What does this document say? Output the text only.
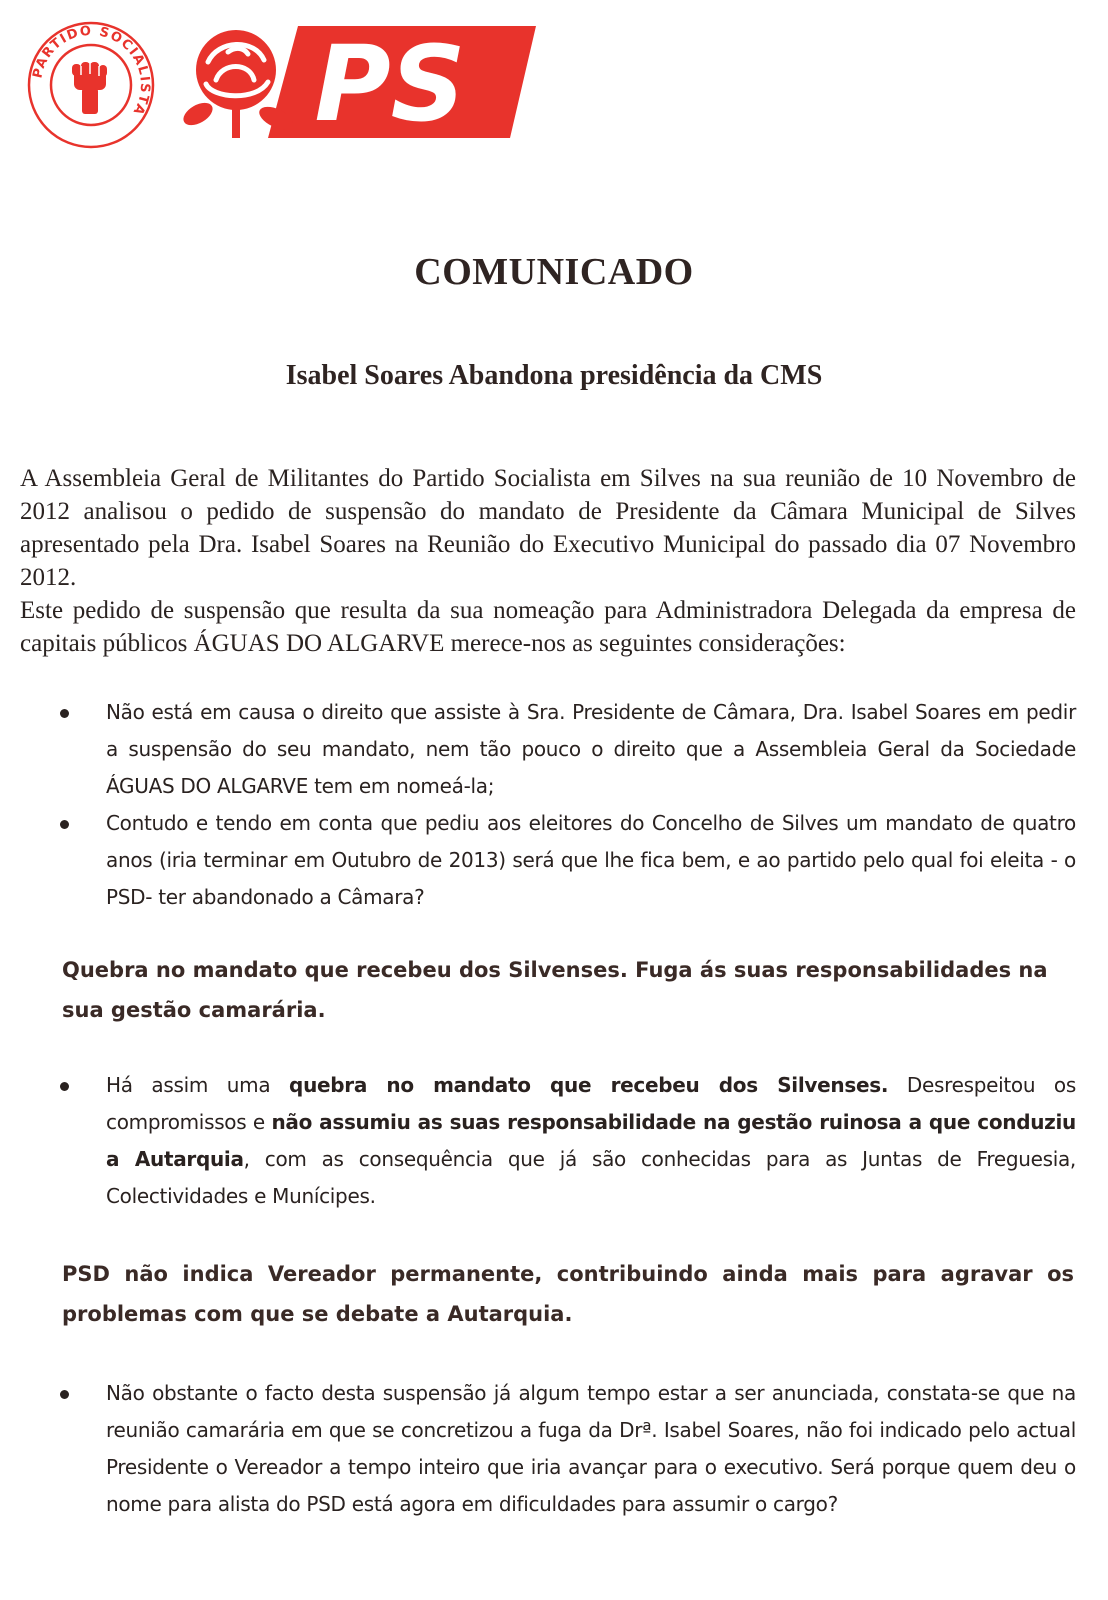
PARTIDO SOCIALISTA PS
COMUNICADO
Isabel Soares Abandona presidência da CMS

A Assembleia Geral de Militantes do Partido Socialista em Silves na sua reunião de 10 Novembro de 2012 analisou o pedido de suspensão do mandato de Presidente da Câmara Municipal de Silves apresentado pela Dra. Isabel Soares na Reunião do Executivo Municipal do passado dia 07 Novembro 2012.

Este pedido de suspensão que resulta da sua nomeação para Administradora Delegada da empresa de capitais públicos ÁGUAS DO ALGARVE merece-nos as seguintes considerações:

Não está em causa o direito que assiste à Sra. Presidente de Câmara, Dra. Isabel Soares em pedir a suspensão do seu mandato, nem tão pouco o direito que a Assembleia Geral da Sociedade ÁGUAS DO ALGARVE tem em nomeá-la;
Contudo e tendo em conta que pediu aos eleitores do Concelho de Silves um mandato de quatro anos (iria terminar em Outubro de 2013) será que lhe fica bem, e ao partido pelo qual foi eleita - o PSD- ter abandonado a Câmara?

Quebra no mandato que recebeu dos Silvenses. Fuga ás suas responsabilidades na sua gestão camarária.

Há assim uma quebra no mandato que recebeu dos Silvenses. Desrespeitou os compromissos e não assumiu as suas responsabilidade na gestão ruinosa a que conduziu a Autarquia, com as consequência que já são conhecidas para as Juntas de Freguesia, Colectividades e Munícipes.

PSD não indica Vereador permanente, contribuindo ainda mais para agravar os problemas com que se debate a Autarquia.

Não obstante o facto desta suspensão já algum tempo estar a ser anunciada, constata-se que na reunião camarária em que se concretizou a fuga da Drª. Isabel Soares, não foi indicado pelo actual Presidente o Vereador a tempo inteiro que iria avançar para o executivo. Será porque quem deu o nome para alista do PSD está agora em dificuldades para assumir o cargo?
